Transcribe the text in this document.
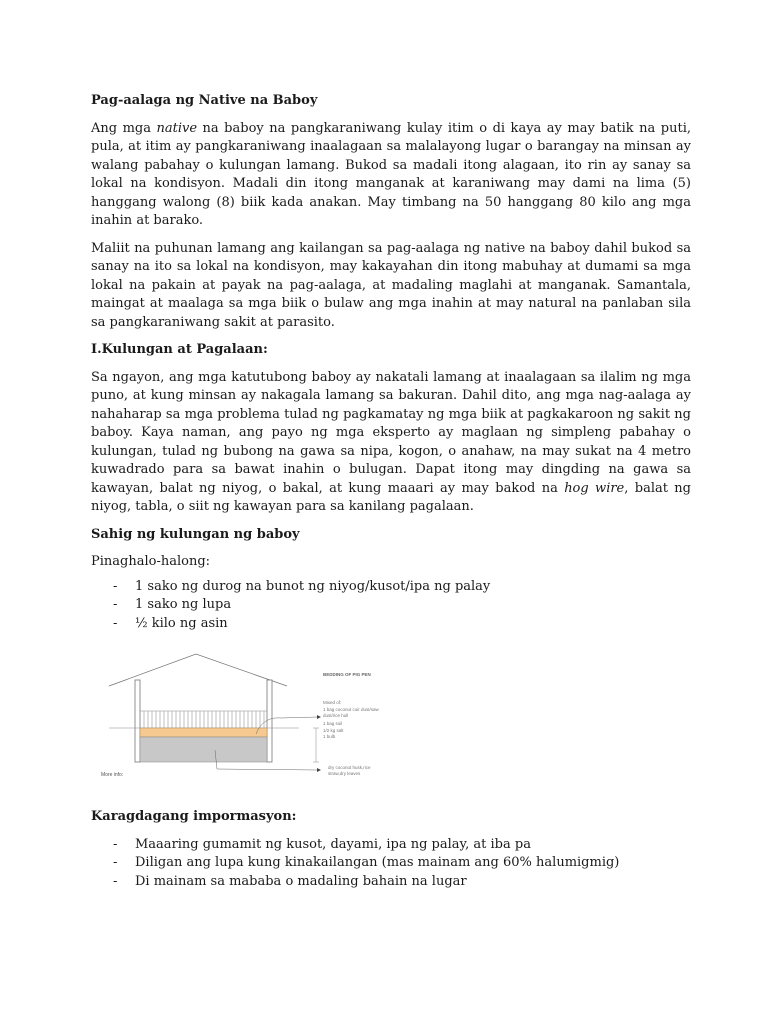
Pag-aalaga ng Native na Baboy
Ang mga native na baboy na pangkaraniwang kulay itim o di kaya ay may batik na puti, pula, at itim ay pangkaraniwang inaalagaan sa malalayong lugar o barangay na minsan ay walang pabahay o kulungan lamang. Bukod sa madali itong alagaan, ito rin ay sanay sa lokal na kondisyon. Madali din itong manganak at karaniwang may dami na lima (5) hanggang walong (8) biik kada anakan. May timbang na 50 hanggang 80 kilo ang mga inahin at barako.
Maliit na puhunan lamang ang kailangan sa pag-aalaga ng native na baboy dahil bukod sa sanay na ito sa lokal na kondisyon, may kakayahan din itong mabuhay at dumami sa mga lokal na pakain at payak na pag-aalaga, at madaling maglahi at manganak. Samantala, maingat at maalaga sa mga biik o bulaw ang mga inahin at may natural na panlaban sila sa pangkaraniwang sakit at parasito.
I.Kulungan at Pagalaan:
Sa ngayon, ang mga katutubong baboy ay nakatali lamang at inaalagaan sa ilalim ng mga puno, at kung minsan ay nakagala lamang sa bakuran. Dahil dito, ang mga nag-aalaga ay nahaharap sa mga problema tulad ng pagkamatay ng mga biik at pagkakaroon ng sakit ng baboy. Kaya naman, ang payo ng mga eksperto ay maglaan ng simpleng pabahay o kulungan, tulad ng bubong na gawa sa nipa, kogon, o anahaw, na may sukat na 4 metro kuwadrado para sa bawat inahin o bulugan. Dapat itong may dingding na gawa sa kawayan, balat ng niyog, o bakal, at kung maaari ay may bakod na hog wire, balat ng niyog, tabla, o siit ng kawayan para sa kanilang pagalaan.
Sahig ng kulungan ng baboy
Pinaghalo-halong:
- 1 sako ng durog na bunot ng niyog/kusot/ipa ng palay
- 1 sako ng lupa
- ½ kilo ng asin
BEDDING OF PIG PEN
Mixed of:
1 bag coconut coir dust/saw
dust/rice hull
1 bag soil
1/2 kg salt
1 bulb
dry coconut husk,rice
straw,dry leaves
More info:
Karagdagang impormasyon:
- Maaaring gumamit ng kusot, dayami, ipa ng palay, at iba pa
- Diligan ang lupa kung kinakailangan (mas mainam ang 60% halumigmig)
- Di mainam sa mababa o madaling bahain na lugar
